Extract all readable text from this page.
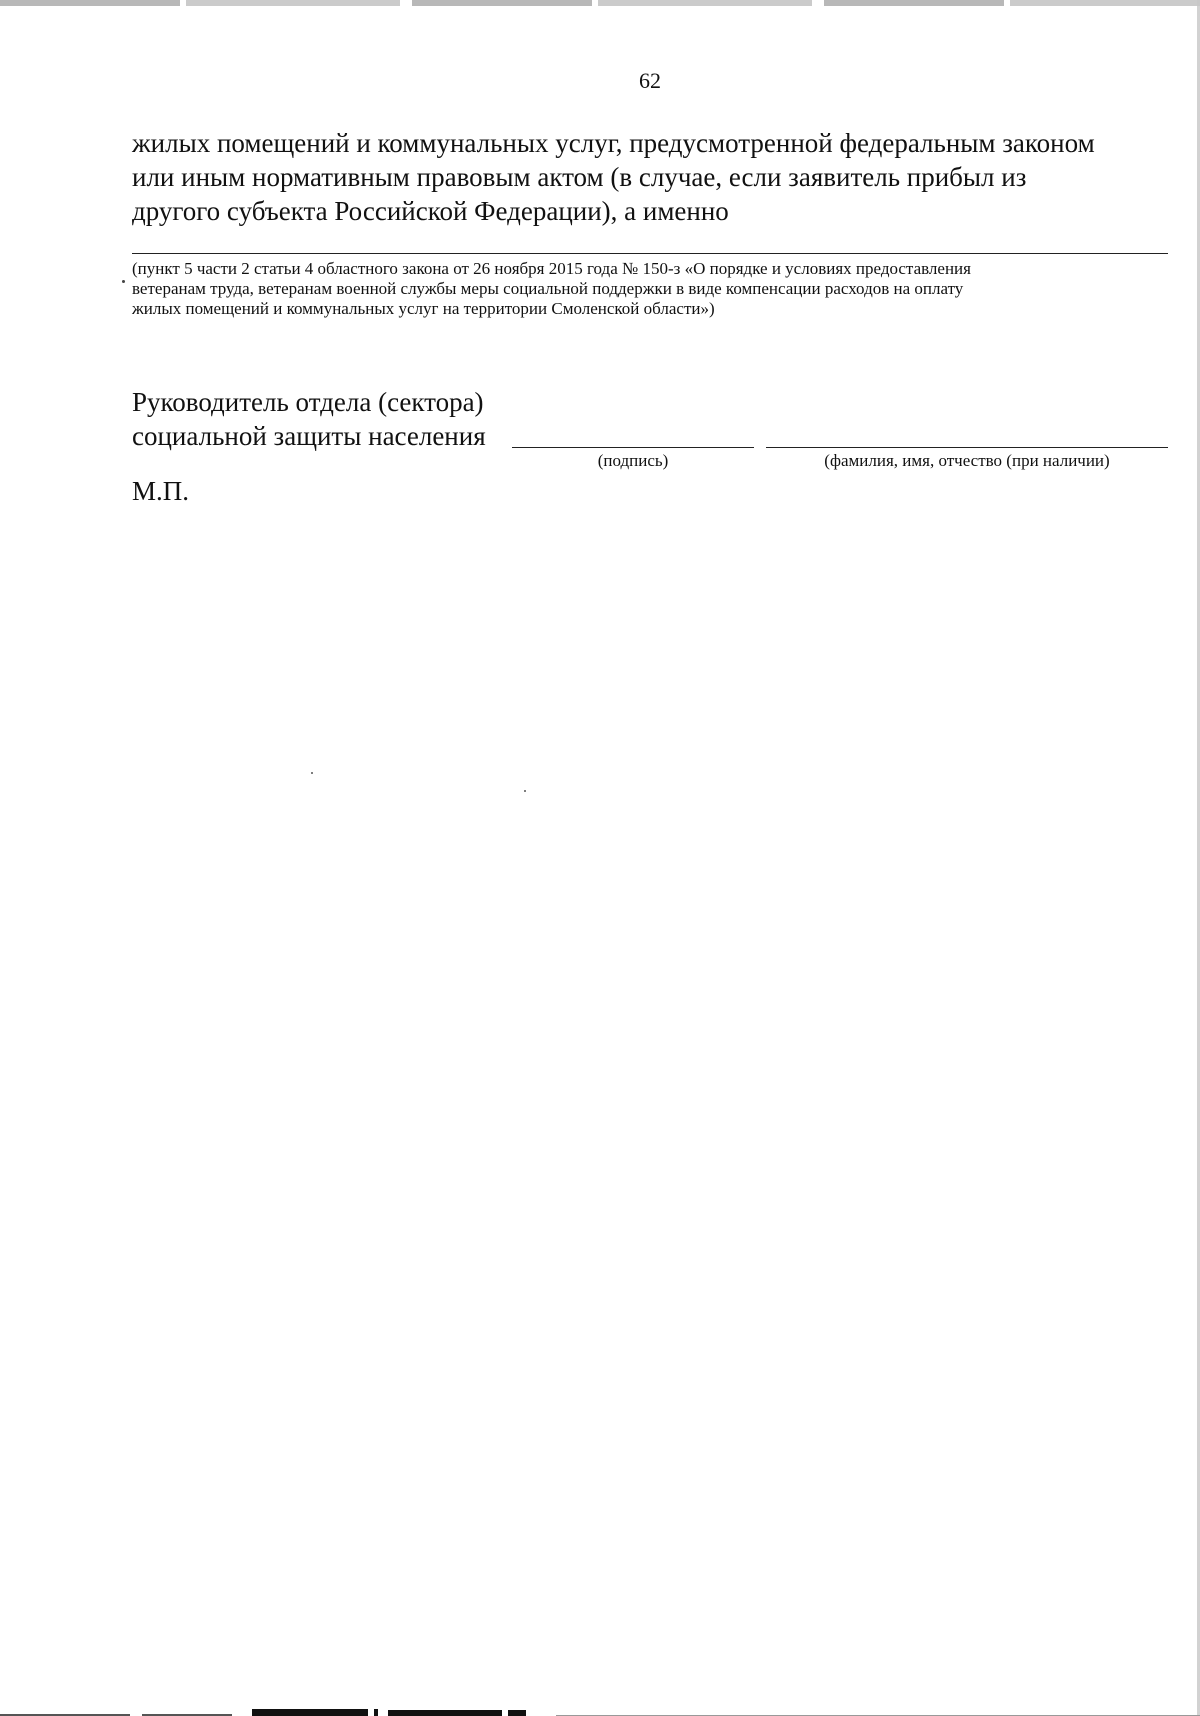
62
жилых помещений и коммунальных услуг, предусмотренной федеральным законом
или иным нормативным правовым актом (в случае, если заявитель прибыл из
другого субъекта Российской Федерации), а именно
(пункт 5 части 2 статьи 4 областного закона от 26 ноября 2015 года № 150-з «О порядке и условиях предоставления
ветеранам труда, ветеранам военной службы меры социальной поддержки в виде компенсации расходов на оплату
жилых помещений и коммунальных услуг на территории Смоленской области»)
Руководитель отдела (сектора)
социальной защиты населения
(подпись)	(фамилия, имя, отчество (при наличии)
М.П.
